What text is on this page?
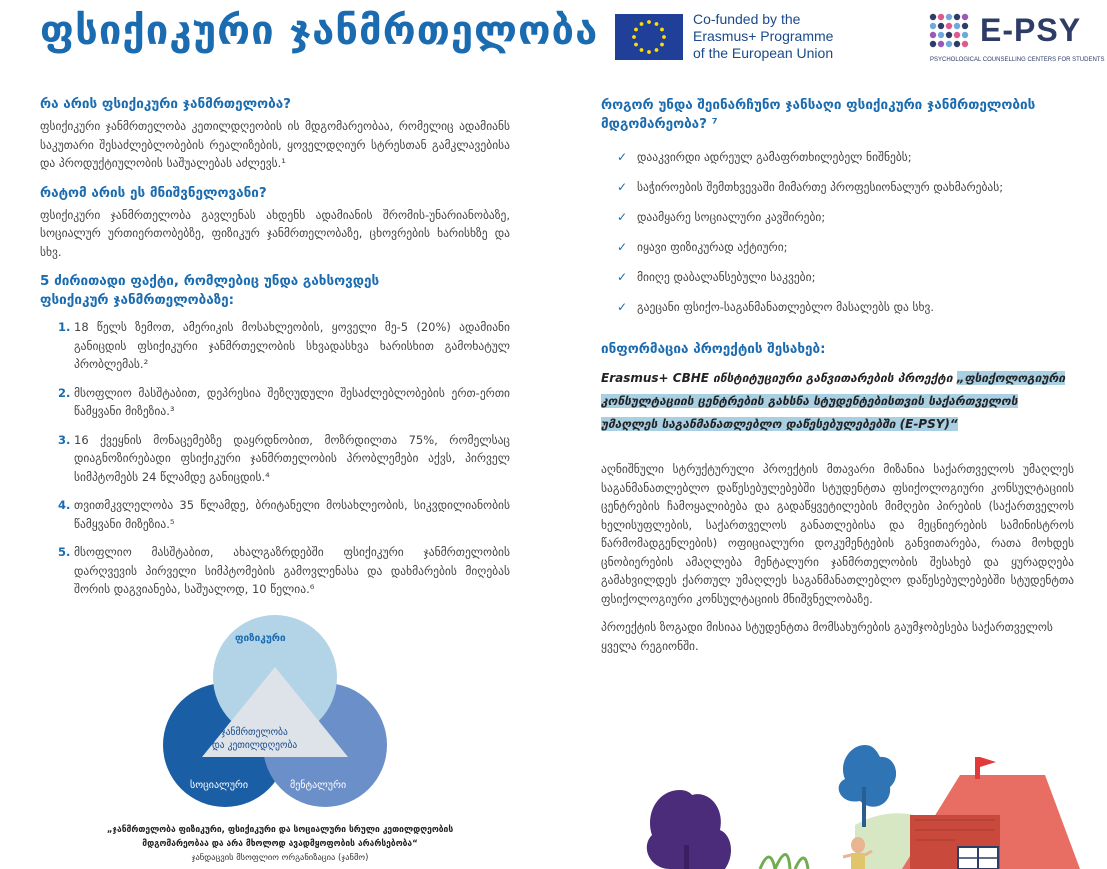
ფსიქიკური ჯანმრთელობა	Co-funded by the
Erasmus+ Programme
of the European Union
E-PSY
PSYCHOLOGICAL COUNSELLING CENTERS FOR STUDENTS
რა არის ფსიქიკური ჯანმრთელობა?

ფსიქიკური ჯანმრთელობა კეთილდღეობის ის მდგომარეობაა, რომელიც ადამიანს საკუთარი შესაძლებლობების რეალიზების, ყოველდღიურ სტრესთან გამკლავებისა და პროდუქტიულობის საშუალებას აძლევს.¹

რატომ არის ეს მნიშვნელოვანი?

ფსიქიკური ჯანმრთელობა გავლენას ახდენს ადამიანის შრომის-უნარიანობაზე, სოციალურ ურთიერთობებზე, ფიზიკურ ჯანმრთელობაზე, ცხოვრების ხარისხზე და სხვ.

5 ძირითადი ფაქტი, რომლებიც უნდა გახსოვდეს
ფსიქიკურ ჯანმრთელობაზე:
1. 18 წელს ზემოთ, ამერიკის მოსახლეობის, ყოველი მე-5 (20%) ადამიანი განიცდის ფსიქიკური ჯანმრთელობის სხვადასხვა ხარისხით გამოხატულ პრობლემას.²
2. მსოფლიო მასშტაბით, დეპრესია შეზღუდული შესაძლებლობების ერთ-ერთი წამყვანი მიზეზია.³
3. 16 ქვეყნის მონაცემებზე დაყრდნობით, მოზრდილთა 75%, რომელსაც დიაგნოზირებადი ფსიქიკური ჯანმრთელობის პრობლემები აქვს, პირველ სიმპტომებს 24 წლამდე განიცდის.⁴
4. თვითმკვლელობა 35 წლამდე, ბრიტანელი მოსახლეობის, სიკვდილიანობის წამყვანი მიზეზია.⁵
5. მსოფლიო მასშტაბით, ახალგაზრდებში ფსიქიკური ჯანმრთელობის დარღვევის პირველი სიმპტომების გამოვლენასა და დახმარების მიღებას შორის დაგვიანება, საშუალოდ, 10 წელია.⁶
ფიზიკური
ჯანმრთელობა
და კეთილდღეობა
სოციალური	მენტალური
„ჯანმრთელობა ფიზიკური, ფსიქიკური და სოციალური სრული კეთილდღეობის
მდგომარეობაა და არა მხოლოდ ავადმყოფობის არარსებობა“
ჯანდაცვის მსოფლიო ორგანიზაცია (ჯანმო)
როგორ უნდა შეინარჩუნო ჯანსაღი ფსიქიკური ჯანმრთელობის მდგომარეობა? ⁷
✓ დააკვირდი ადრეულ გამაფრთხილებელ ნიშნებს;
✓ საჭიროების შემთხვევაში მიმართე პროფესიონალურ დახმარებას;
✓ დაამყარე სოციალური კავშირები;
✓ იყავი ფიზიკურად აქტიური;
✓ მიიღე დაბალანსებული საკვები;
✓ გაეცანი ფსიქო-საგანმანათლებლო მასალებს და სხვ.
ინფორმაცია პროექტის შესახებ:
Erasmus+ CBHE ინსტიტუციური განვითარების პროექტი „ფსიქოლოგიური კონსულტაციის ცენტრების გახსნა სტუდენტებისთვის საქართველოს უმაღლეს საგანმანათლებლო დაწესებულებებში (E-PSY)“

აღნიშნული სტრუქტურული პროექტის მთავარი მიზანია საქართველოს უმაღლეს საგანმანათლებლო დაწესებულებებში სტუდენტთა ფსიქოლოგიური კონსულტაციის ცენტრების ჩამოყალიბება და გადაწყვეტილების მიმღები პირების (საქართველოს ხელისუფლების, საქართველოს განათლებისა და მეცნიერების სამინისტროს წარმომადგენლების) ოფიციალური დოკუმენტების განვითარება, რათა მოხდეს ცნობიერების ამაღლება მენტალური ჯანმრთელობის შესახებ და ყურადღება გამახვილდეს ქართულ უმაღლეს საგანმანათლებლო დაწესებულებებში სტუდენტთა ფსიქოლოგიური კონსულტაციის მნიშვნელობაზე.

პროექტის ზოგადი მისიაა სტუდენტთა მომსახურების გაუმჯობესება საქართველოს ყველა რეგიონში.
